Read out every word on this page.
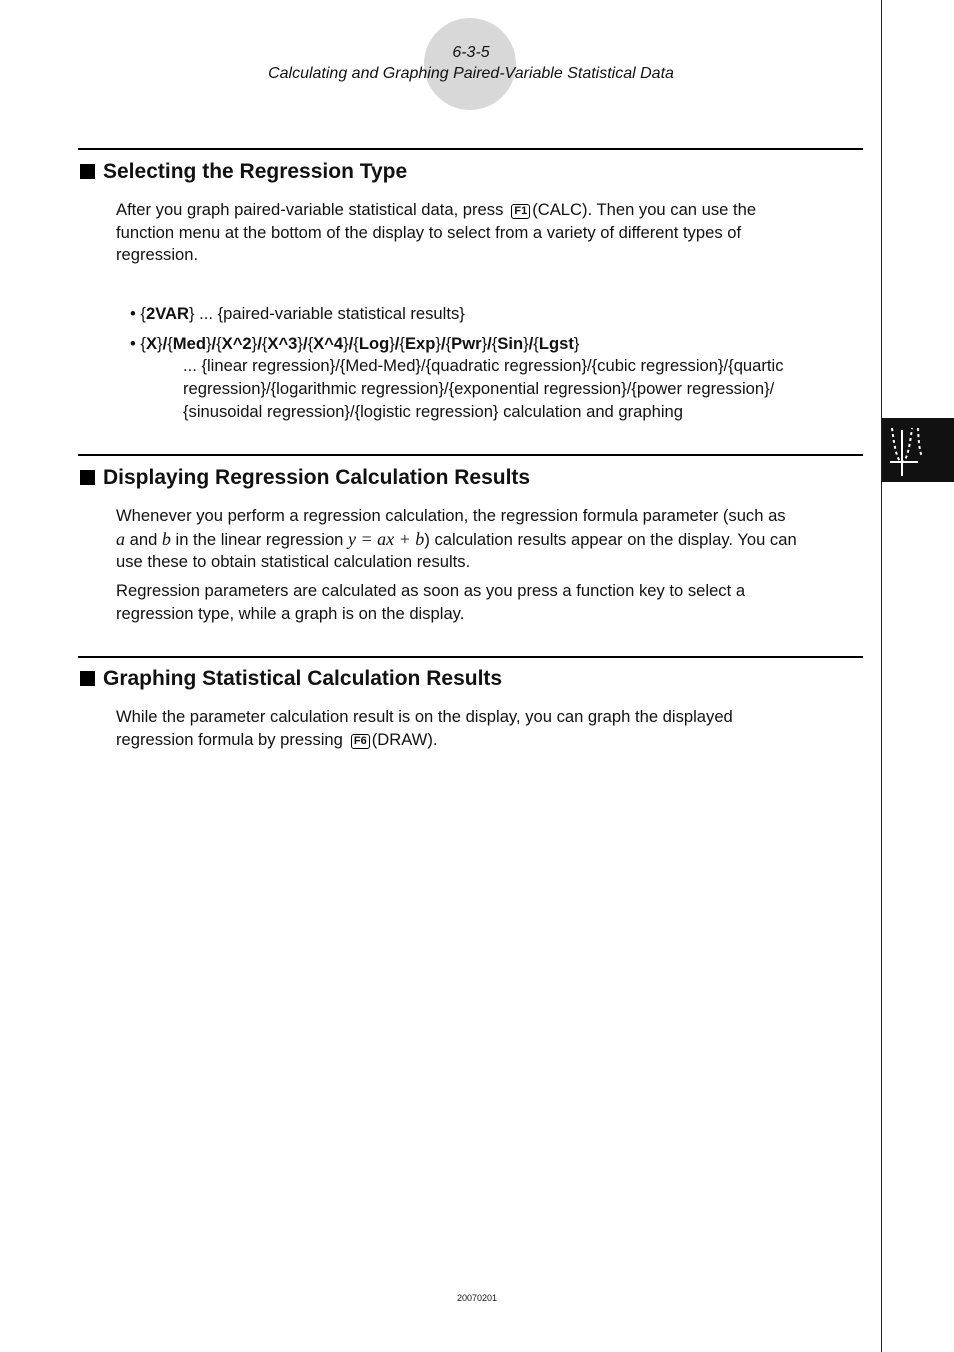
6-3-5
Calculating and Graphing Paired-Variable Statistical Data
Selecting the Regression Type
After you graph paired-variable statistical data, press F1 (CALC). Then you can use the
function menu at the bottom of the display to select from a variety of different types of
regression.
• {2VAR} ... {paired-variable statistical results}
• {X}/{Med}/{X^2}/{X^3}/{X^4}/{Log}/{Exp}/{Pwr}/{Sin}/{Lgst}
... {linear regression}/{Med-Med}/{quadratic regression}/{cubic regression}/{quartic
regression}/{logarithmic regression}/{exponential regression}/{power regression}/
{sinusoidal regression}/{logistic regression} calculation and graphing
Displaying Regression Calculation Results
Whenever you perform a regression calculation, the regression formula parameter (such as
a and b in the linear regression y = ax + b) calculation results appear on the display. You can
use these to obtain statistical calculation results.
Regression parameters are calculated as soon as you press a function key to select a
regression type, while a graph is on the display.
Graphing Statistical Calculation Results
While the parameter calculation result is on the display, you can graph the displayed
regression formula by pressing F6 (DRAW).
20070201
